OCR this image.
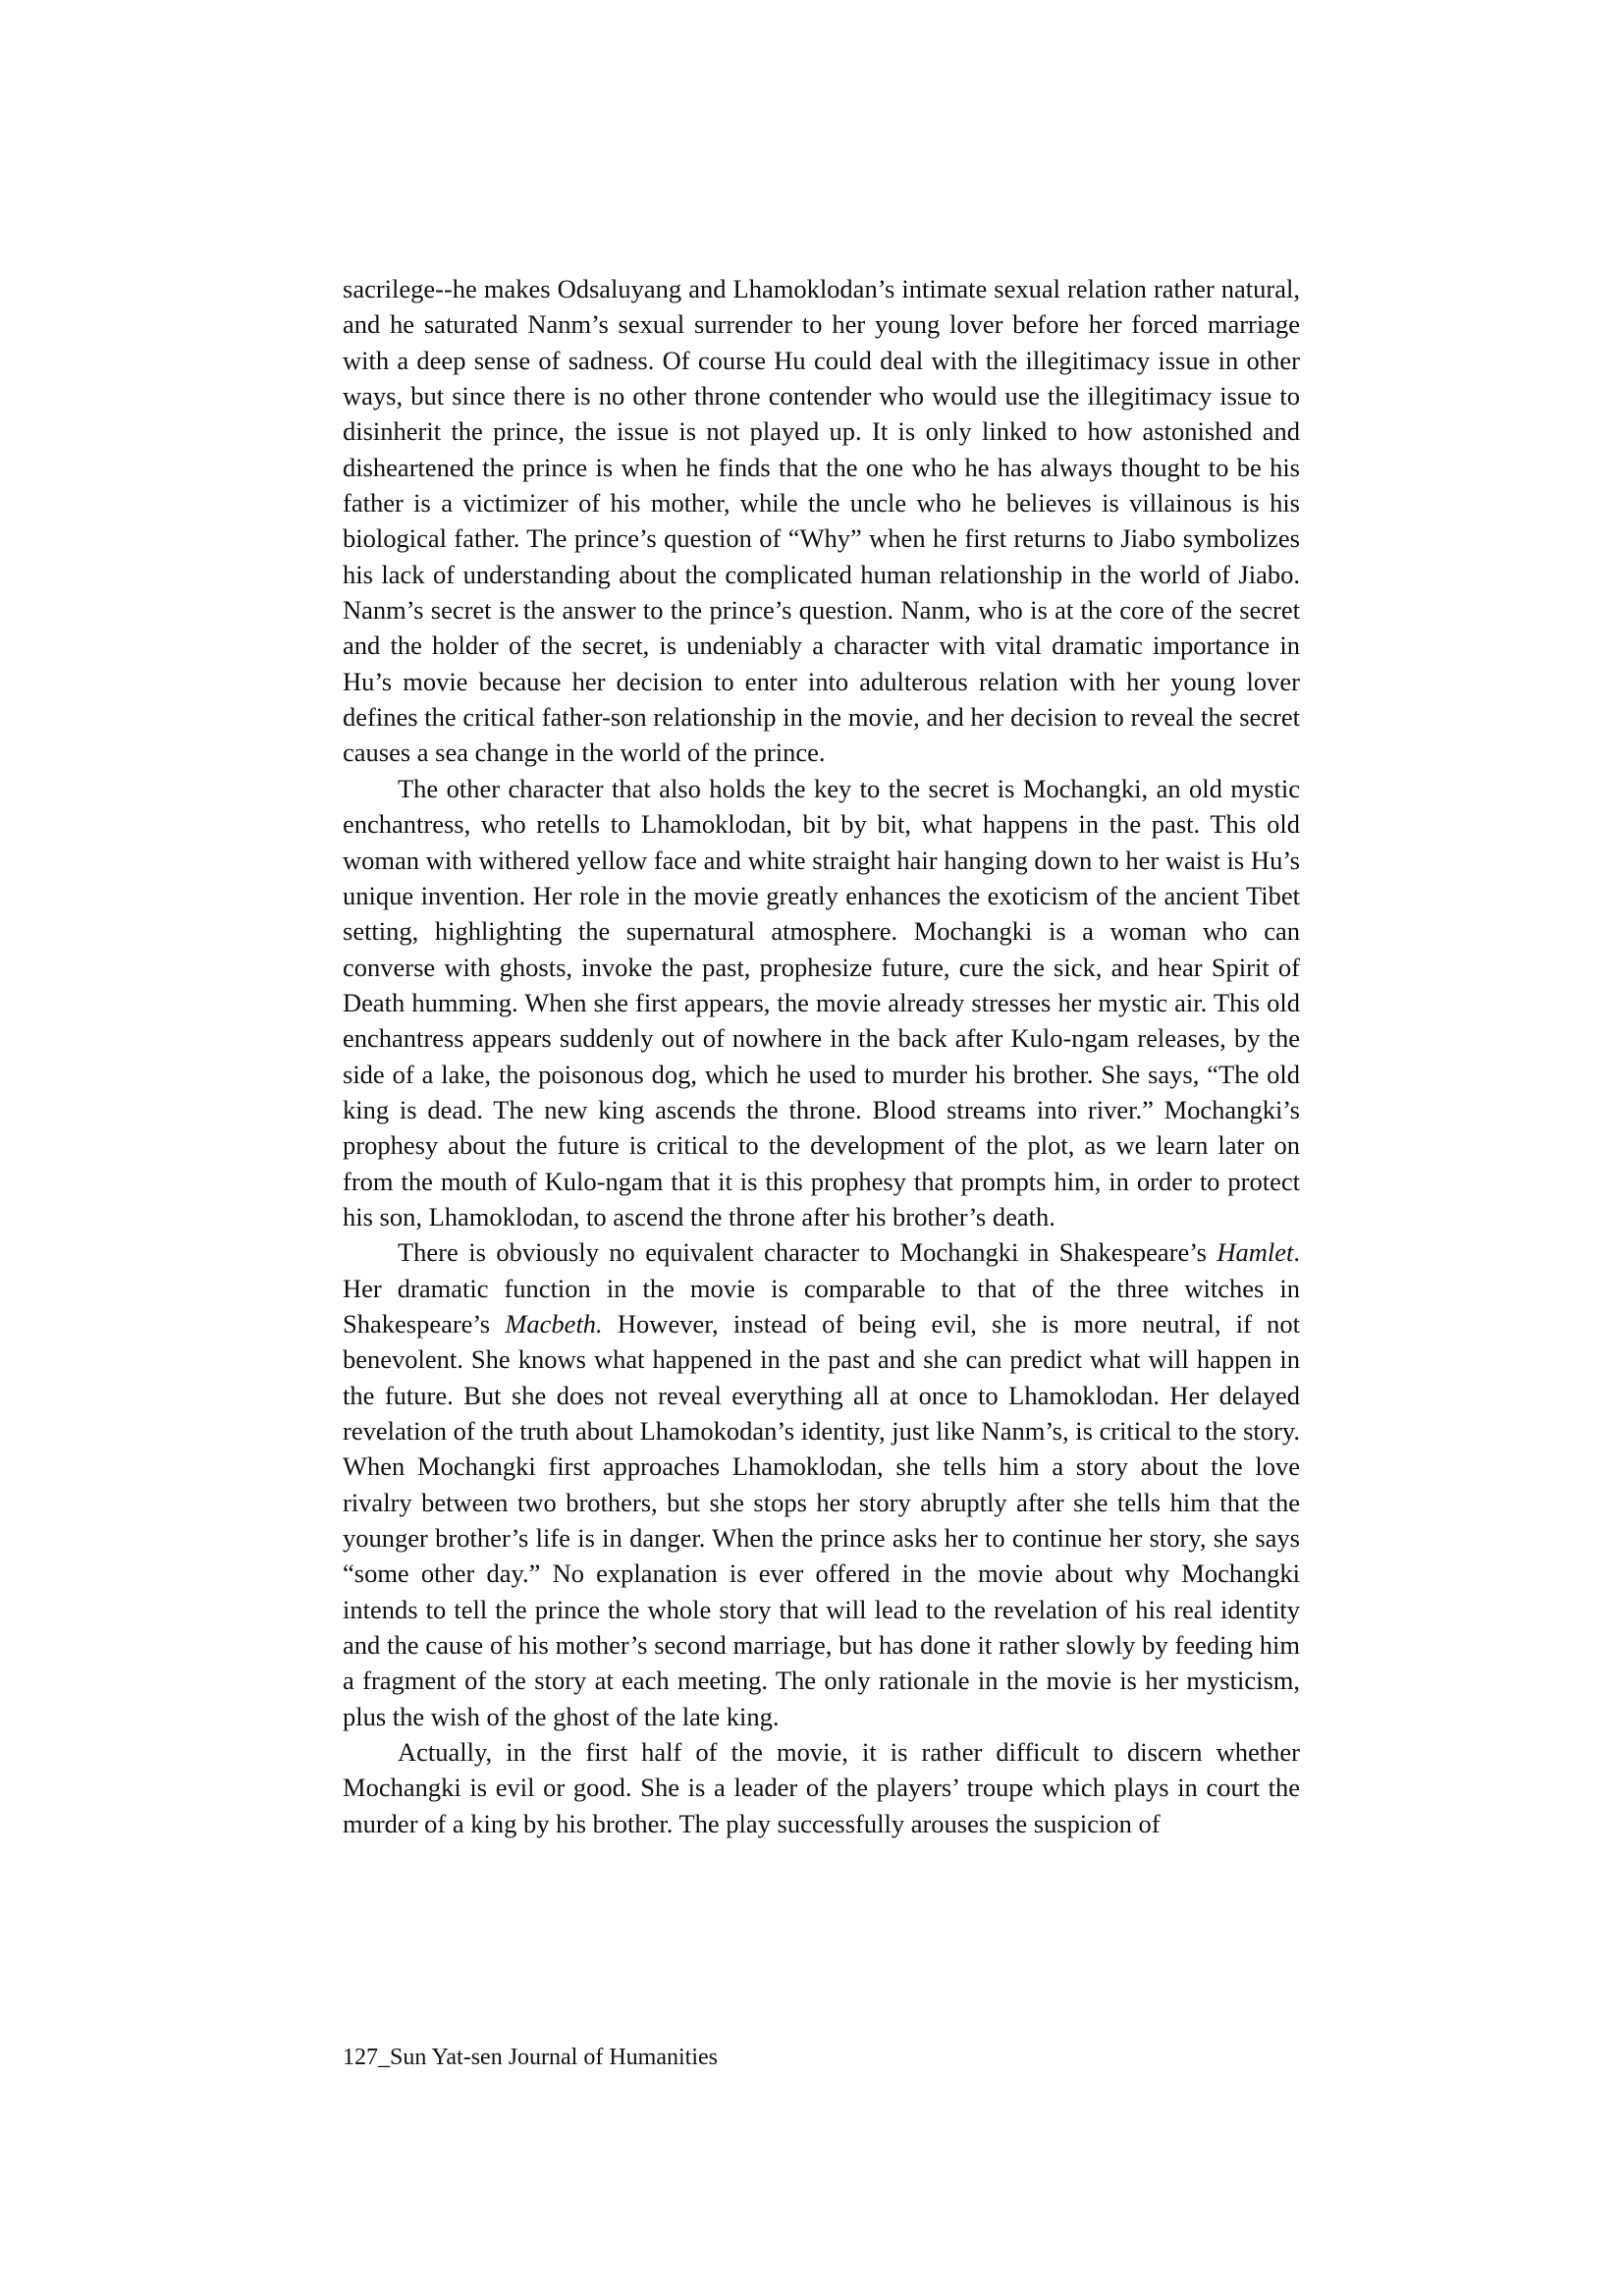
sacrilege--he makes Odsaluyang and Lhamoklodan’s intimate sexual relation rather natural, and he saturated Nanm’s sexual surrender to her young lover before her forced marriage with a deep sense of sadness. Of course Hu could deal with the illegitimacy issue in other ways, but since there is no other throne contender who would use the illegitimacy issue to disinherit the prince, the issue is not played up. It is only linked to how astonished and disheartened the prince is when he finds that the one who he has always thought to be his father is a victimizer of his mother, while the uncle who he believes is villainous is his biological father. The prince’s question of “Why” when he first returns to Jiabo symbolizes his lack of understanding about the complicated human relationship in the world of Jiabo. Nanm’s secret is the answer to the prince’s question. Nanm, who is at the core of the secret and the holder of the secret, is undeniably a character with vital dramatic importance in Hu’s movie because her decision to enter into adulterous relation with her young lover defines the critical father-son relationship in the movie, and her decision to reveal the secret causes a sea change in the world of the prince.

The other character that also holds the key to the secret is Mochangki, an old mystic enchantress, who retells to Lhamoklodan, bit by bit, what happens in the past. This old woman with withered yellow face and white straight hair hanging down to her waist is Hu’s unique invention. Her role in the movie greatly enhances the exoticism of the ancient Tibet setting, highlighting the supernatural atmosphere. Mochangki is a woman who can converse with ghosts, invoke the past, prophesize future, cure the sick, and hear Spirit of Death humming. When she first appears, the movie already stresses her mystic air. This old enchantress appears suddenly out of nowhere in the back after Kulo-ngam releases, by the side of a lake, the poisonous dog, which he used to murder his brother. She says, “The old king is dead. The new king ascends the throne. Blood streams into river.” Mochangki’s prophesy about the future is critical to the development of the plot, as we learn later on from the mouth of Kulo-ngam that it is this prophesy that prompts him, in order to protect his son, Lhamoklodan, to ascend the throne after his brother’s death.

There is obviously no equivalent character to Mochangki in Shakespeare’s Hamlet. Her dramatic function in the movie is comparable to that of the three witches in Shakespeare’s Macbeth. However, instead of being evil, she is more neutral, if not benevolent. She knows what happened in the past and she can predict what will happen in the future. But she does not reveal everything all at once to Lhamoklodan. Her delayed revelation of the truth about Lhamokodan’s identity, just like Nanm’s, is critical to the story. When Mochangki first approaches Lhamoklodan, she tells him a story about the love rivalry between two brothers, but she stops her story abruptly after she tells him that the younger brother’s life is in danger. When the prince asks her to continue her story, she says “some other day.” No explanation is ever offered in the movie about why Mochangki intends to tell the prince the whole story that will lead to the revelation of his real identity and the cause of his mother’s second marriage, but has done it rather slowly by feeding him a fragment of the story at each meeting. The only rationale in the movie is her mysticism, plus the wish of the ghost of the late king.

Actually, in the first half of the movie, it is rather difficult to discern whether Mochangki is evil or good. She is a leader of the players’ troupe which plays in court the murder of a king by his brother. The play successfully arouses the suspicion of

127_Sun Yat-sen Journal of Humanities
